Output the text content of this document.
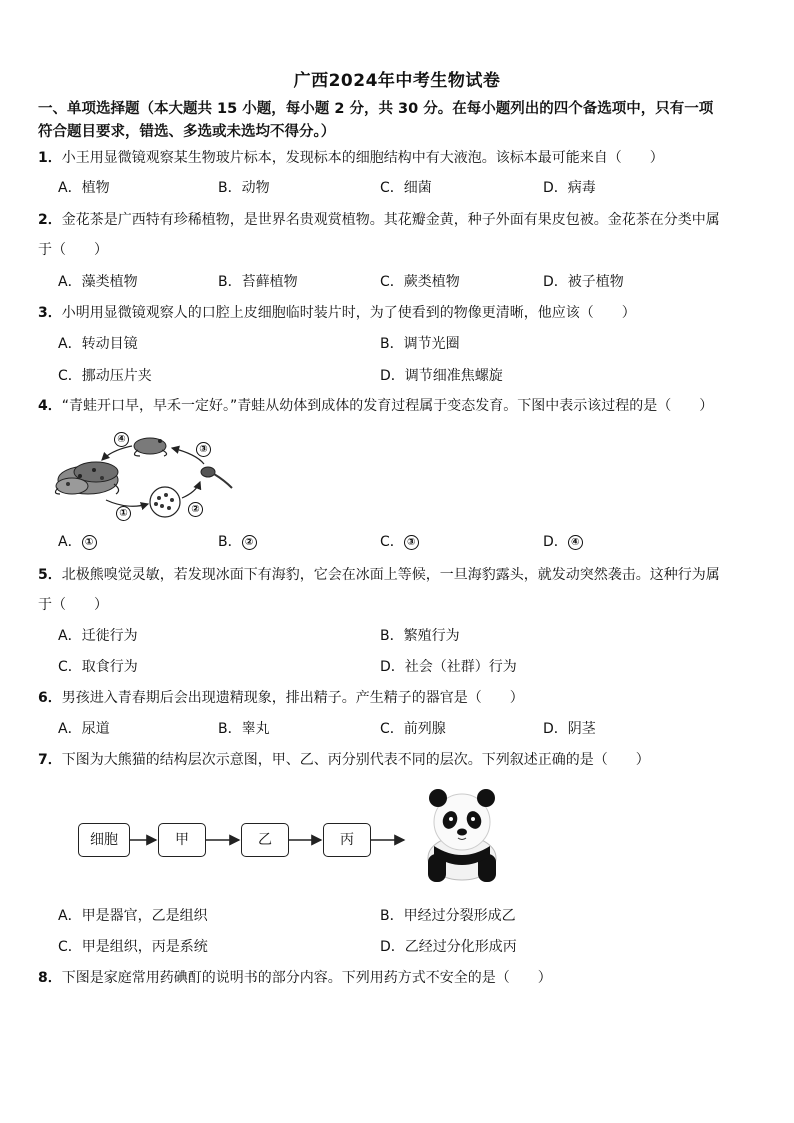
广西2024年中考生物试卷
一、单项选择题（本大题共 15 小题，每小题 2 分，共 30 分。在每小题列出的四个备选项中，只有一项
符合题目要求，错选、多选或未选均不得分。）
1．小王用显微镜观察某生物玻片标本，发现标本的细胞结构中有大液泡。该标本最可能来自（　　）
A．植物	B．动物	C．细菌	D．病毒
2．金花茶是广西特有珍稀植物，是世界名贵观赏植物。其花瓣金黄，种子外面有果皮包被。金花茶在分类中属
于（　　）
A．藻类植物	B．苔藓植物	C．蕨类植物	D．被子植物
3．小明用显微镜观察人的口腔上皮细胞临时装片时，为了使看到的物像更清晰，他应该（　　）
A．转动目镜	B．调节光圈
C．挪动压片夹	D．调节细准焦螺旋
4．“青蛙开口早，早禾一定好。”青蛙从幼体到成体的发育过程属于变态发育。下图中表示该过程的是（　　）
④
③
①	②
A． ①	B． ②	C． ③	D． ④
5．北极熊嗅觉灵敏，若发现冰面下有海豹，它会在冰面上等候，一旦海豹露头，就发动突然袭击。这种行为属
于（　　）
A．迁徙行为	B．繁殖行为
C．取食行为	D．社会（社群）行为
6．男孩进入青春期后会出现遗精现象，排出精子。产生精子的器官是（　　）
A．尿道	B．睾丸	C．前列腺	D．阴茎
7．下图为大熊猫的结构层次示意图，甲、乙、丙分别代表不同的层次。下列叙述正确的是（　　）
细胞	甲	乙	丙
A．甲是器官，乙是组织	B．甲经过分裂形成乙
C．甲是组织，丙是系统	D．乙经过分化形成丙
8．下图是家庭常用药碘酊的说明书的部分内容。下列用药方式不安全的是（　　）
